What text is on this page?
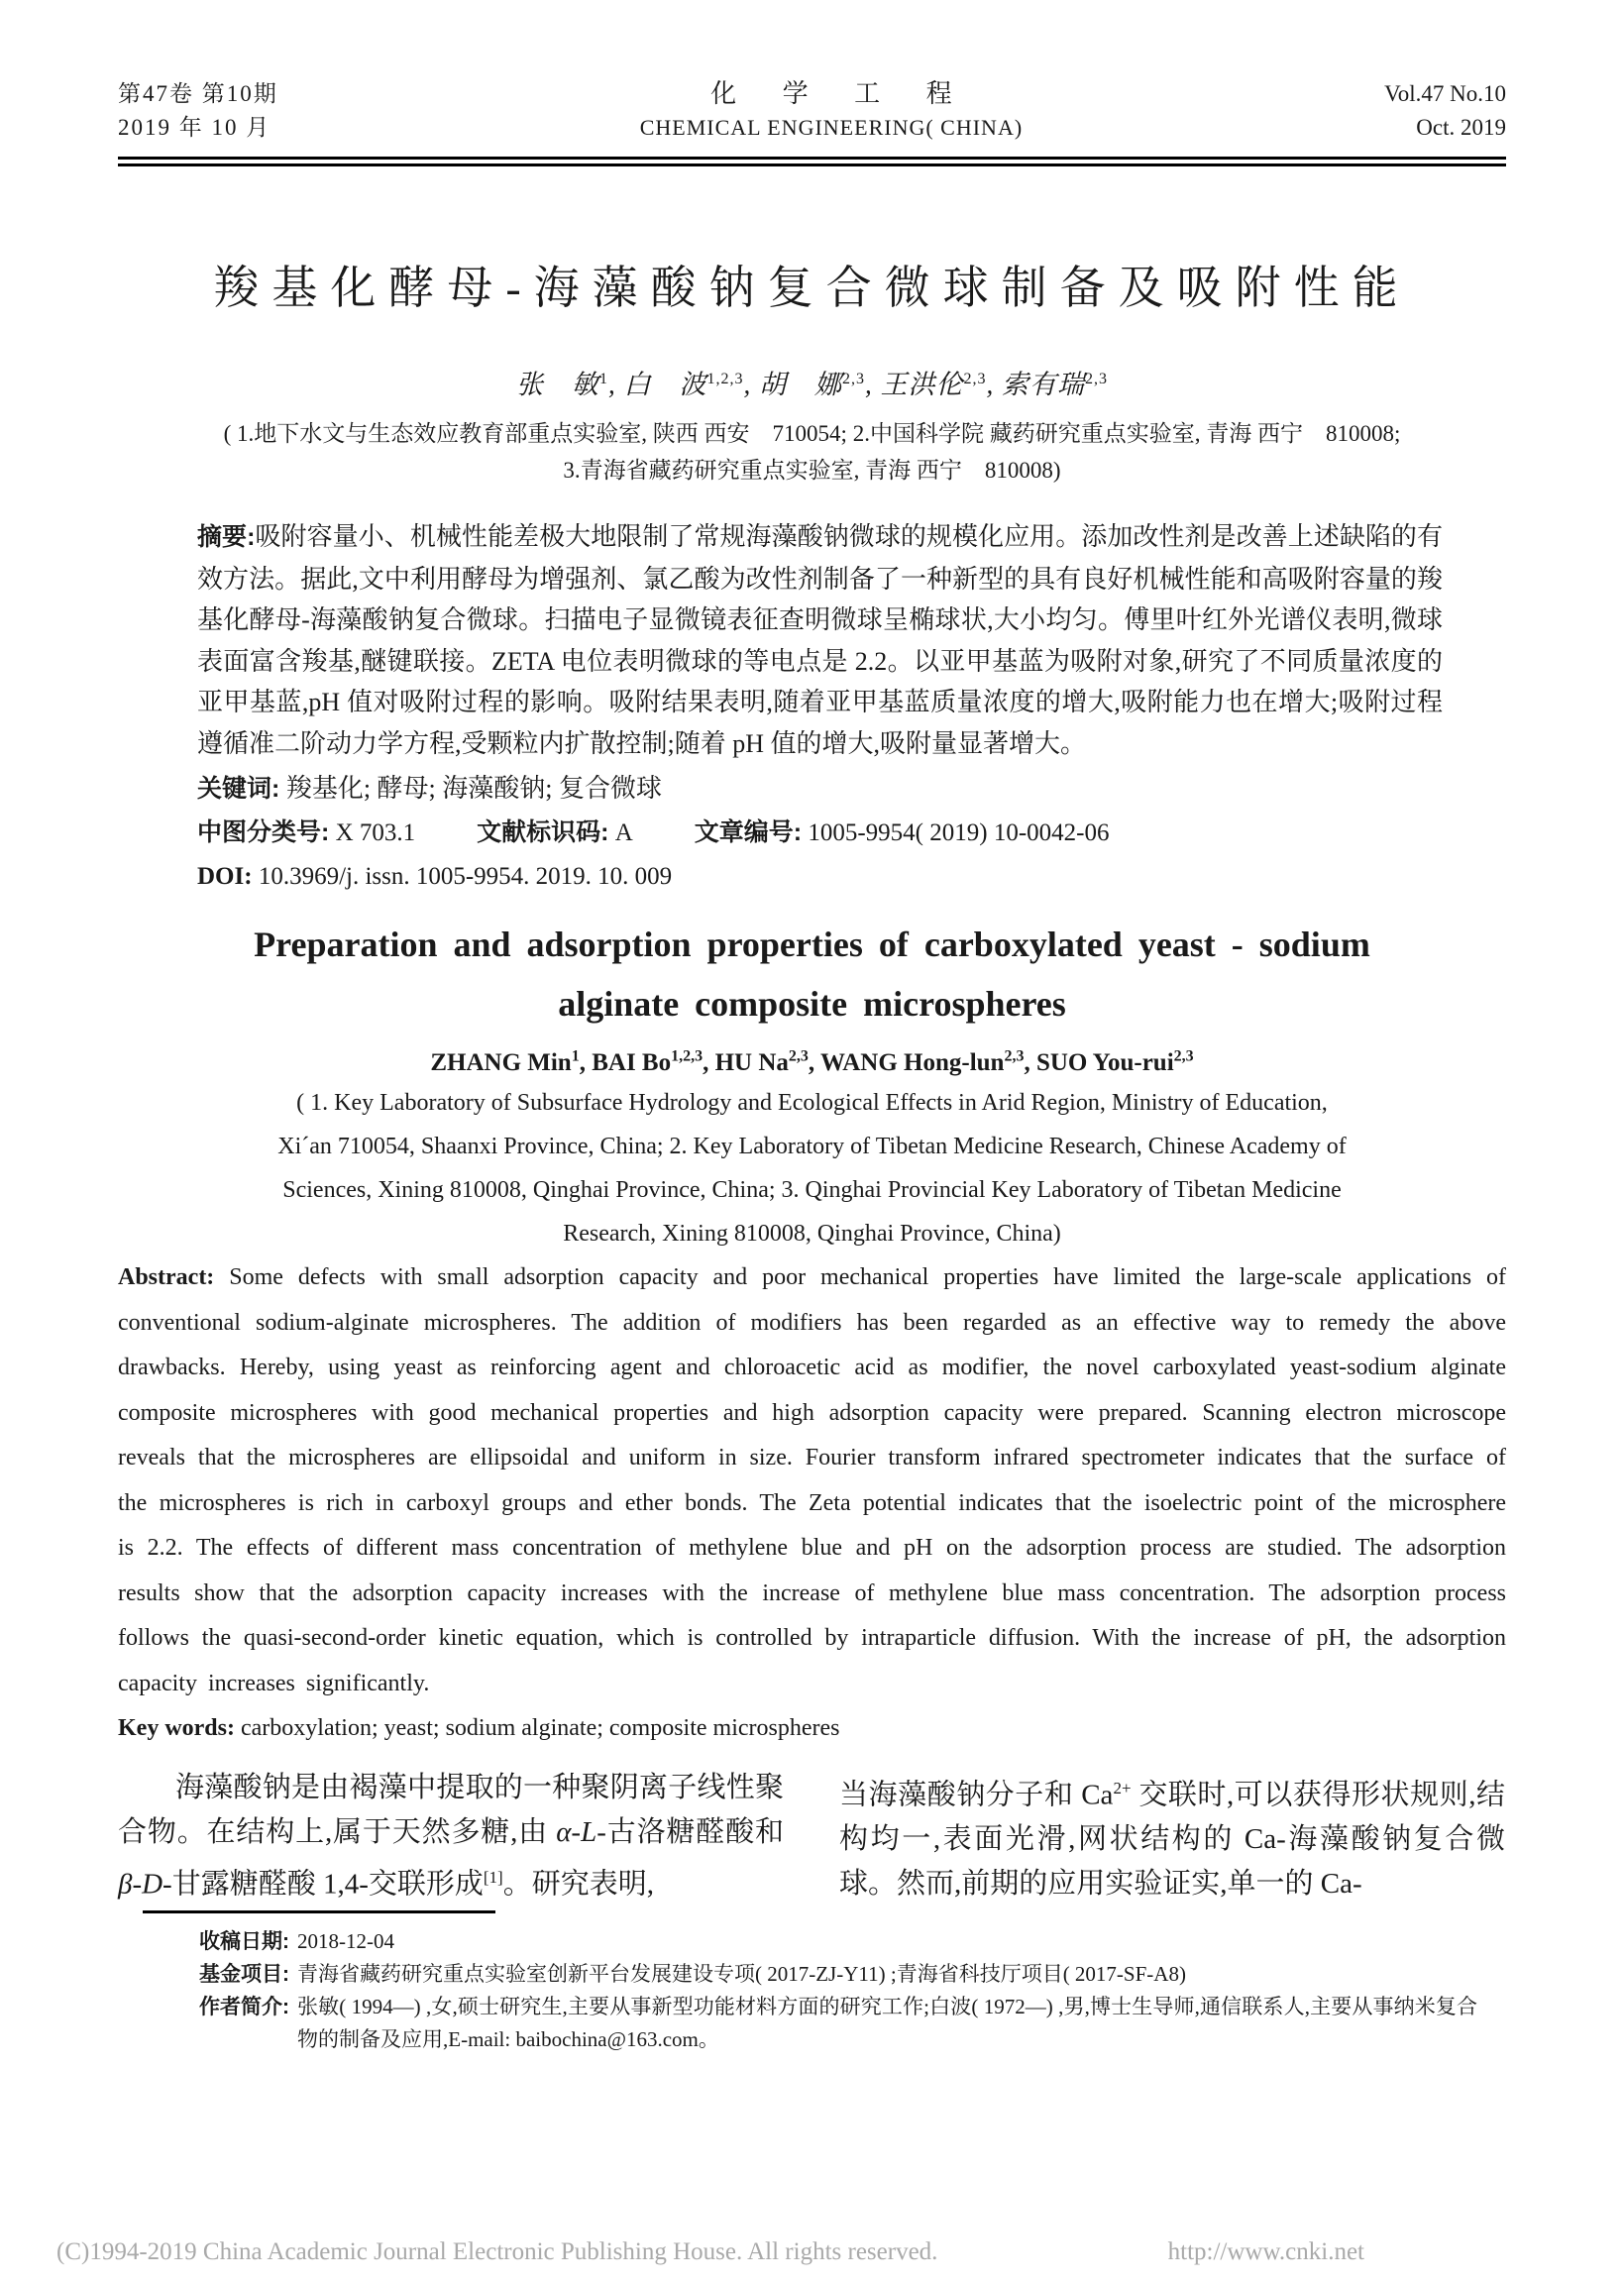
第47卷 第10期
2019 年 10 月
化 学 工 程
CHEMICAL ENGINEERING( CHINA)
Vol.47 No.10
Oct. 2019
羧基化酵母-海藻酸钠复合微球制备及吸附性能
张　敏$^1$, 白　波$^{1,2,3}$, 胡　娜$^{2,3}$, 王洪伦$^{2,3}$, 索有瑞$^{2,3}$
( 1.地下水文与生态效应教育部重点实验室, 陕西 西安　710054; 2.中国科学院 藏药研究重点实验室, 青海 西宁　810008;
3.青海省藏药研究重点实验室, 青海 西宁　810008)

摘要:吸附容量小、机械性能差极大地限制了常规海藻酸钠微球的规模化应用。添加改性剂是改善上述缺陷的有效方法。据此,文中利用酵母为增强剂、氯乙酸为改性剂制备了一种新型的具有良好机械性能和高吸附容量的羧基化酵母-海藻酸钠复合微球。扫描电子显微镜表征查明微球呈椭球状,大小均匀。傅里叶红外光谱仪表明,微球表面富含羧基,醚键联接。ZETA 电位表明微球的等电点是 2.2。以亚甲基蓝为吸附对象,研究了不同质量浓度的亚甲基蓝,pH 值对吸附过程的影响。吸附结果表明,随着亚甲基蓝质量浓度的增大,吸附能力也在增大;吸附过程遵循准二阶动力学方程,受颗粒内扩散控制;随着 pH 值的增大,吸附量显著增大。

关键词: 羧基化; 酵母; 海藻酸钠; 复合微球
中图分类号: X 703.1 文献标识码: A 文章编号: 1005-9954( 2019) 10-0042-06
DOI: 10.3969/j. issn. 1005-9954. 2019. 10. 009
Preparation and adsorption properties of carboxylated yeast - sodium
alginate composite microspheres
ZHANG Min$^1$, BAI Bo$^{1,2,3}$, HU Na$^{2,3}$, WANG Hong-lun$^{2,3}$, SUO You-rui$^{2,3}$
( 1. Key Laboratory of Subsurface Hydrology and Ecological Effects in Arid Region, Ministry of Education,
Xi´an 710054, Shaanxi Province, China; 2. Key Laboratory of Tibetan Medicine Research, Chinese Academy of
Sciences, Xining 810008, Qinghai Province, China; 3. Qinghai Provincial Key Laboratory of Tibetan Medicine
Research, Xining 810008, Qinghai Province, China)

Abstract: Some defects with small adsorption capacity and poor mechanical properties have limited the large-scale applications of conventional sodium-alginate microspheres. The addition of modifiers has been regarded as an effective way to remedy the above drawbacks. Hereby, using yeast as reinforcing agent and chloroacetic acid as modifier, the novel carboxylated yeast-sodium alginate composite microspheres with good mechanical properties and high adsorption capacity were prepared. Scanning electron microscope reveals that the microspheres are ellipsoidal and uniform in size. Fourier transform infrared spectrometer indicates that the surface of the microspheres is rich in carboxyl groups and ether bonds. The Zeta potential indicates that the isoelectric point of the microsphere is 2.2. The effects of different mass concentration of methylene blue and pH on the adsorption process are studied. The adsorption results show that the adsorption capacity increases with the increase of methylene blue mass concentration. The adsorption process follows the quasi-second-order kinetic equation, which is controlled by intraparticle diffusion. With the increase of pH, the adsorption capacity increases significantly.

Key words: carboxylation; yeast; sodium alginate; composite microspheres

海藻酸钠是由褐藻中提取的一种聚阴离子线性聚合物。在结构上,属于天然多糖,由 α-L-古洛糖醛酸和 β-D-甘露糖醛酸 1,4-交联形成[1]。研究表明,

当海藻酸钠分子和 $Ca^{2+}$ 交联时,可以获得形状规则,结构均一,表面光滑,网状结构的 Ca-海藻酸钠复合微球。然而,前期的应用实验证实,单一的 Ca-

收稿日期: 2018-12-04
基金项目: 青海省藏药研究重点实验室创新平台发展建设专项( 2017-ZJ-Y11) ;青海省科技厅项目( 2017-SF-A8)
作者简介: 张敏( 1994—) ,女,硕士研究生,主要从事新型功能材料方面的研究工作;白波( 1972—) ,男,博士生导师,通信联系人,主要从事纳米复合物的制备及应用,E-mail: baibochina@163.com。
(C)1994-2019 China Academic Journal Electronic Publishing House. All rights reserved.	http://www.cnki.net
